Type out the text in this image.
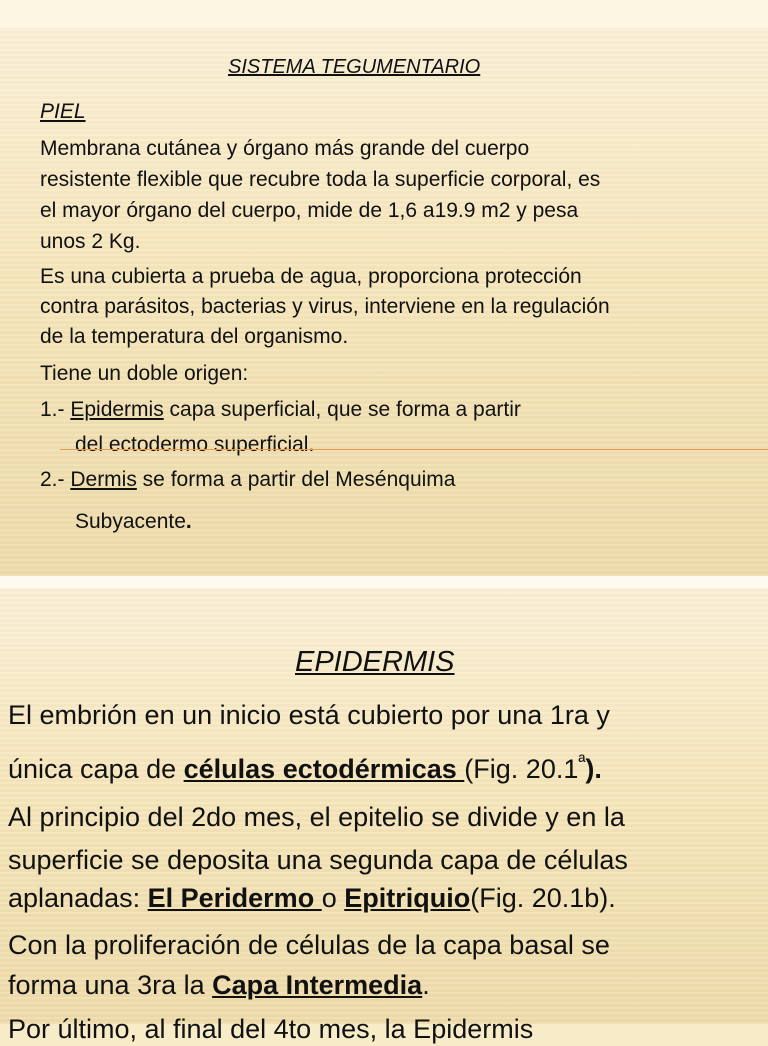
SISTEMA TEGUMENTARIO
PIEL
Membrana cutánea y órgano más grande del cuerpo
resistente flexible que recubre toda la superficie corporal, es
el mayor órgano del cuerpo, mide de 1,6 a19.9 m2 y pesa
unos 2 Kg.
Es una cubierta a prueba de agua, proporciona protección
contra parásitos, bacterias y virus, interviene en la regulación
de la temperatura del organismo.
Tiene un doble origen:
1.- Epidermis capa superficial, que se forma a partir
del ectodermo superficial.
2.- Dermis se forma a partir del Mesénquima
Subyacente.
EPIDERMIS
El embrión en un inicio está cubierto por una 1ra y
única capa de células ectodérmicas (Fig. $20.1^ª$).
Al principio del 2do mes, el epitelio se divide y en la
superficie se deposita una segunda capa de células
aplanadas: El Peridermo o Epitriquio(Fig. 20.1b).
Con la proliferación de células de la capa basal se
forma una 3ra la Capa Intermedia.
Por último, al final del 4to mes, la Epidermis
